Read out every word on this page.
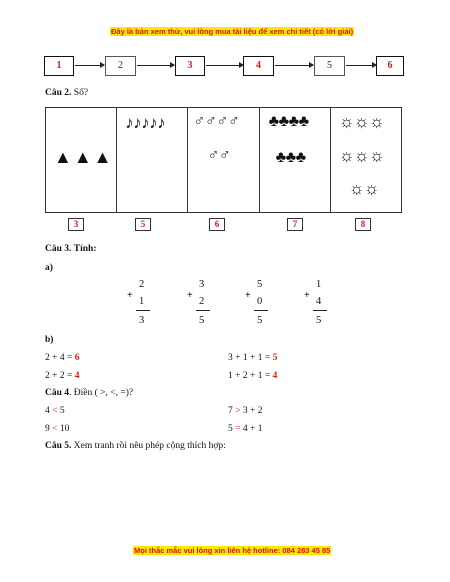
Đây là bản xem thử, vui lòng mua tài liệu để xem chi tiết (có lời giải)
1	2	3	4	5	6
Câu 2. Số?
▲▲▲
♪♪♪♪♪ ♂♂♂♂
♂♂
♣♣♣♣
♣♣♣
☼☼☼
☼☼☼
☼☼
3	5	6	7	8
Câu 3. Tính:
a)
+
2
1
3
+
3
2
5
+
5
0
5
+
1
4
5
b)
2 + 4 = 6	3 + 1 + 1 = 5
2 + 2 = 4	1 + 2 + 1 = 4
Câu 4. Điền ( >, <, =)?
4 < 5	7 > 3 + 2
9 < 10	5 = 4 + 1
Câu 5. Xem tranh rồi nêu phép cộng thích hợp:
Mọi thắc mắc vui lòng xin liên hệ hotline: 084 283 45 85
